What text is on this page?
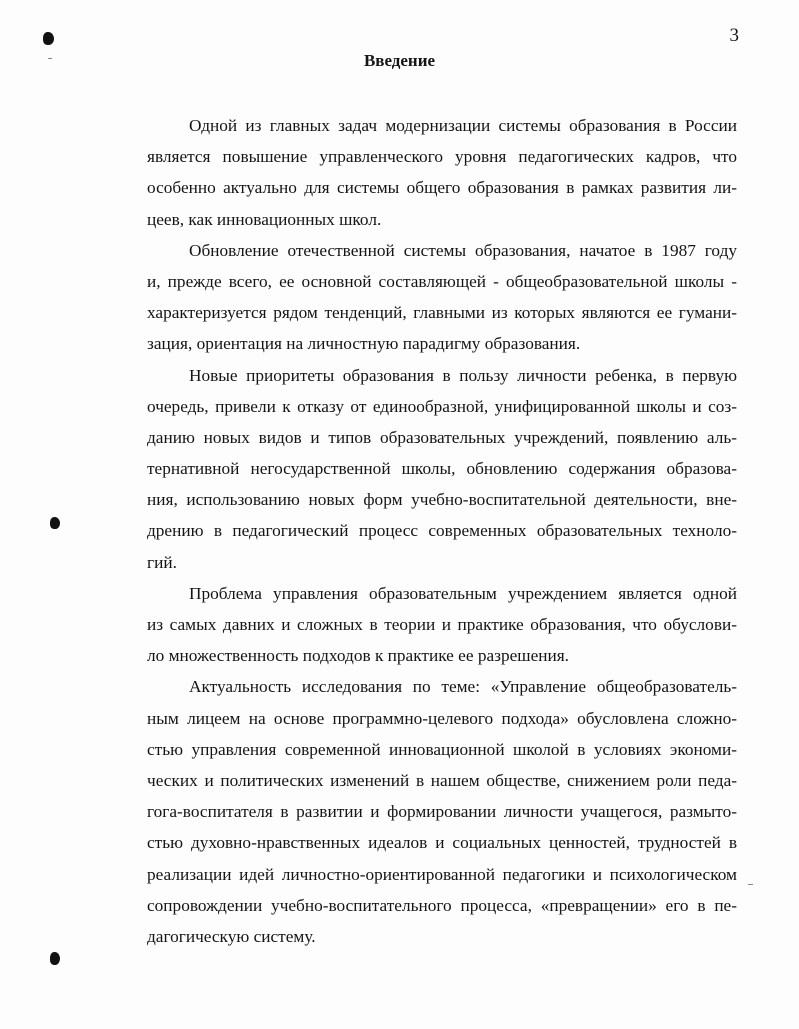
3
Введение
Одной из главных задач модернизации системы образования в России
является повышение управленческого уровня педагогических кадров, что
особенно актуально для системы общего образования в рамках развития ли-
цеев, как инновационных школ.
Обновление отечественной системы образования, начатое в 1987 году
и, прежде всего, ее основной составляющей - общеобразовательной школы -
характеризуется рядом тенденций, главными из которых являются ее гумани-
зация, ориентация на личностную парадигму образования.
Новые приоритеты образования в пользу личности ребенка, в первую
очередь, привели к отказу от единообразной, унифицированной школы и соз-
данию новых видов и типов образовательных учреждений, появлению аль-
тернативной негосударственной школы, обновлению содержания образова-
ния, использованию новых форм учебно-воспитательной деятельности, вне-
дрению в педагогический процесс современных образовательных техноло-
гий.
Проблема управления образовательным учреждением является одной
из самых давних и сложных в теории и практике образования, что обуслови-
ло множественность подходов к практике ее разрешения.
Актуальность исследования по теме: «Управление общеобразователь-
ным лицеем на основе программно-целевого подхода» обусловлена сложно-
стью управления современной инновационной школой в условиях экономи-
ческих и политических изменений в нашем обществе, снижением роли педа-
гога-воспитателя в развитии и формировании личности учащегося, размыто-
стью духовно-нравственных идеалов и социальных ценностей, трудностей в
реализации идей личностно-ориентированной педагогики и психологическом
сопровождении учебно-воспитательного процесса, «превращении» его в пе-
дагогическую систему.
